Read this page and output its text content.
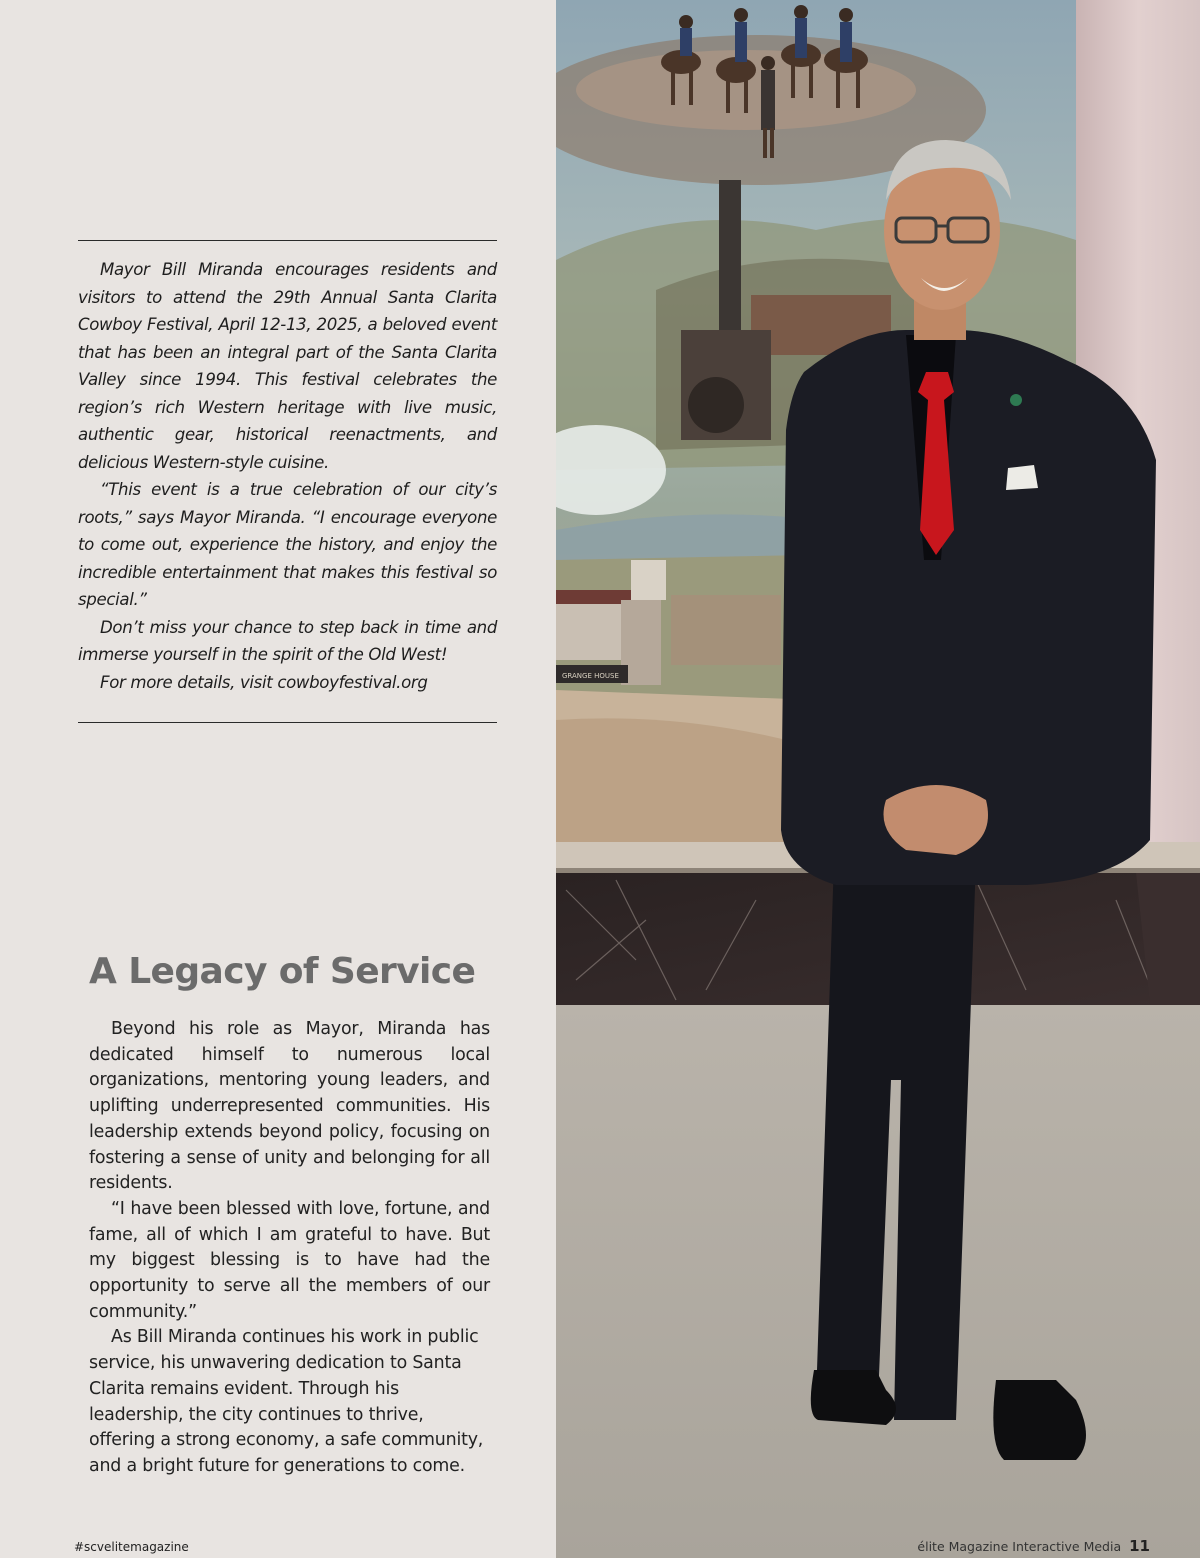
Mayor Bill Miranda encourages residents and visitors to attend the 29th Annual Santa Clarita Cowboy Festival, April 12-13, 2025, a beloved event that has been an integral part of the Santa Clarita Valley since 1994. This festival celebrates the region’s rich Western heritage with live music, authentic gear, historical reenactments, and delicious Western-style cuisine.

“This event is a true celebration of our city’s roots,” says Mayor Miranda. “I encourage everyone to come out, experience the history, and enjoy the incredible entertainment that makes this festival so special.”

Don’t miss your chance to step back in time and immerse yourself in the spirit of the Old West!

For more details, visit cowboyfestival.org

A Legacy of Service

Beyond his role as Mayor, Miranda has dedicated himself to numerous local organizations, mentoring young leaders, and uplifting underrepresented communities. His leadership extends beyond policy, focusing on fostering a sense of unity and belonging for all residents.

“I have been blessed with love, fortune, and fame, all of which I am grateful to have. But my biggest blessing is to have had the opportunity to serve all the members of our community.”

As Bill Miranda continues his work in public service, his unwavering dedication to Santa Clarita remains evident. Through his leadership, the city continues to thrive, offering a strong economy, a safe community, and a bright future for generations to come.

#scvelitemagazine
GRANGE HOUSE
élite Magazine Interactive Media 11
